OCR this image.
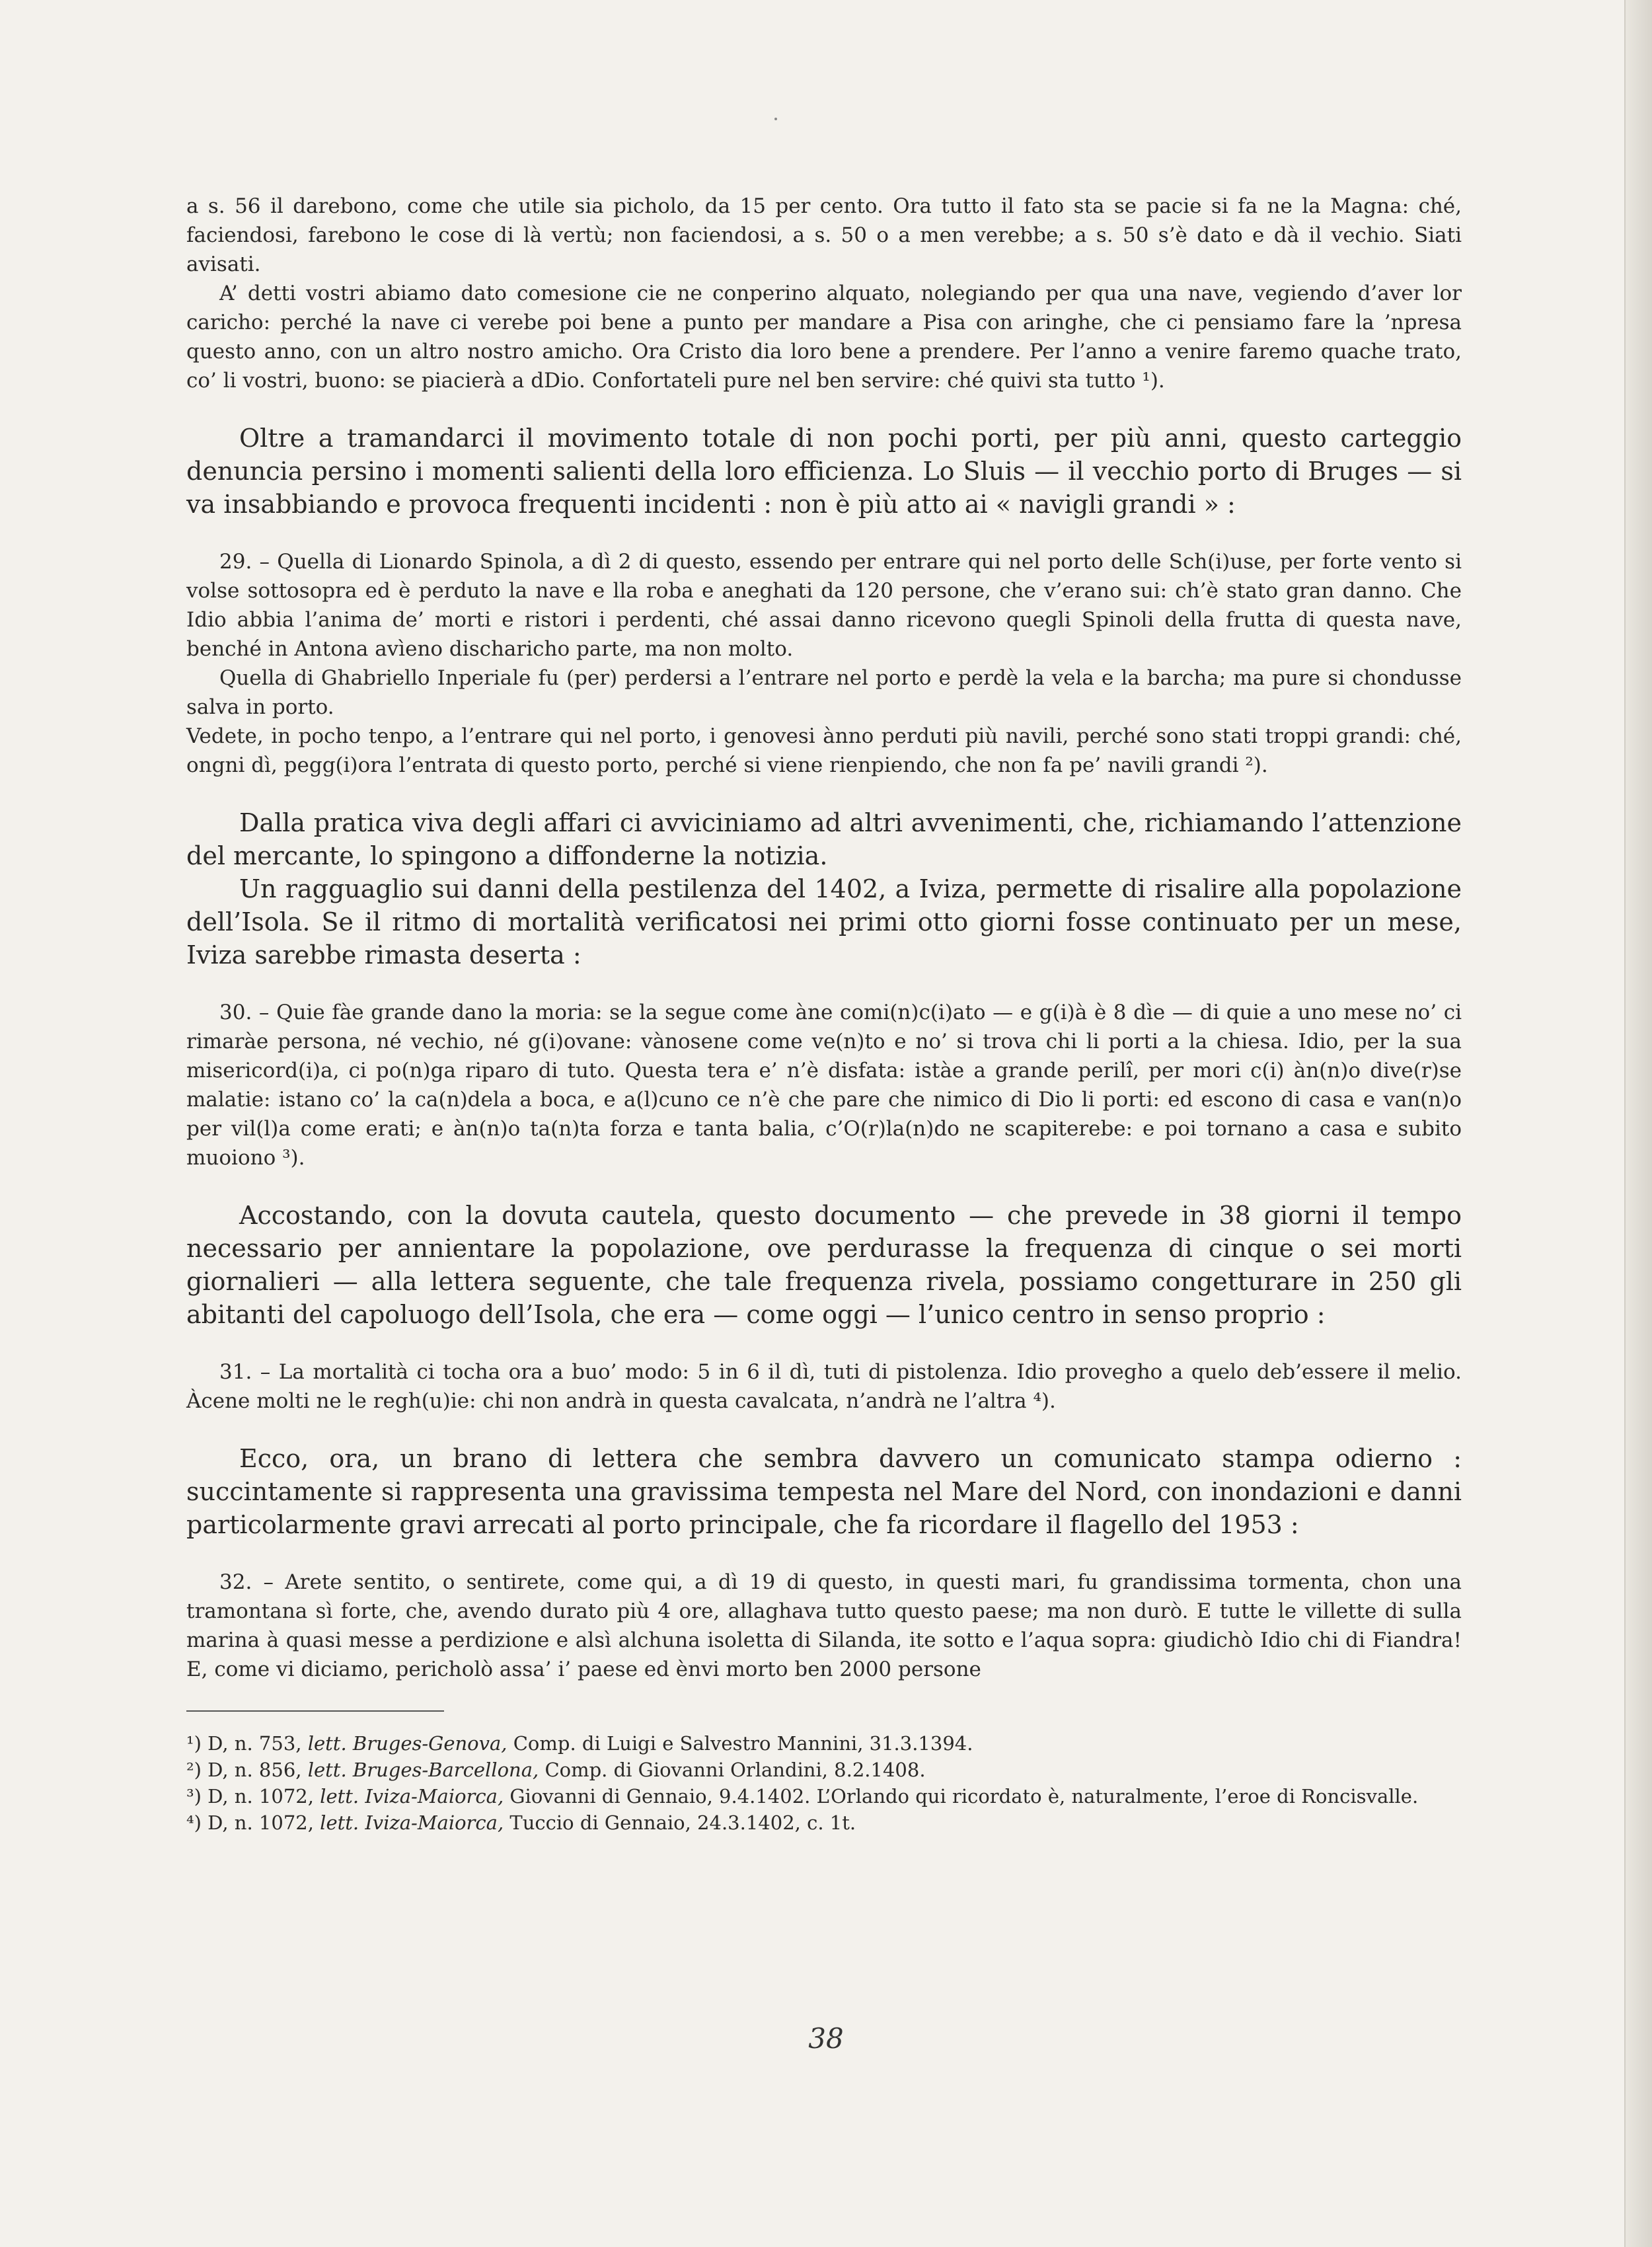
a s. 56 il darebono, come che utile sia picholo, da 15 per cento. Ora tutto il fato sta se pacie si fa ne la Magna: ché, faciendosi, farebono le cose di là vertù; non faciendosi, a s. 50 o a men verebbe; a s. 50 s’è dato e dà il vechio. Siati avisati.

A’ detti vostri abiamo dato comesione cie ne conperino alquato, nolegiando per qua una nave, vegiendo d’aver lor caricho: perché la nave ci verebe poi bene a punto per mandare a Pisa con aringhe, che ci pensiamo fare la ’npresa questo anno, con un altro nostro amicho. Ora Cristo dia loro bene a prendere. Per l’anno a venire faremo quache trato, co’ li vostri, buono: se piacierà a dDio. Confortateli pure nel ben servire: ché quivi sta tutto ¹).

Oltre a tramandarci il movimento totale di non pochi porti, per più anni, questo carteggio denuncia persino i momenti salienti della loro efficienza. Lo Sluis — il vecchio porto di Bruges — si va insabbiando e provoca frequenti incidenti : non è più atto ai « navigli grandi » :

29. – Quella di Lionardo Spinola, a dì 2 di questo, essendo per entrare qui nel porto delle Sch(i)use, per forte vento si volse sottosopra ed è perduto la nave e lla roba e aneghati da 120 persone, che v’erano sui: ch’è stato gran danno. Che Idio abbia l’anima de’ morti e ristori i perdenti, ché assai danno ricevono quegli Spinoli della frutta di questa nave, benché in Antona avìeno discharicho parte, ma non molto.

Quella di Ghabriello Inperiale fu (per) perdersi a l’entrare nel porto e perdè la vela e la barcha; ma pure si chondusse salva in porto.

Vedete, in pocho tenpo, a l’entrare qui nel porto, i genovesi ànno perduti più navili, perché sono stati troppi grandi: ché, ongni dì, pegg(i)ora l’entrata di questo porto, perché si viene rienpiendo, che non fa pe’ navili grandi ²).

Dalla pratica viva degli affari ci avviciniamo ad altri avvenimenti, che, richiamando l’attenzione del mercante, lo spingono a diffonderne la notizia.

Un ragguaglio sui danni della pestilenza del 1402, a Iviza, permette di risalire alla popolazione dell’Isola. Se il ritmo di mortalità verificatosi nei primi otto giorni fosse continuato per un mese, Iviza sarebbe rimasta deserta :

30. – Quie fàe grande dano la moria: se la segue come àne comi(n)c(i)ato — e g(i)à è 8 dìe — di quie a uno mese no’ ci rimaràe persona, né vechio, né g(i)ovane: vànosene come ve(n)to e no’ si trova chi li porti a la chiesa. Idio, per la sua misericord(i)a, ci po(n)ga riparo di tuto. Questa tera e’ n’è disfata: istàe a grande perilî, per mori c(i) àn(n)o dive(r)se malatie: istano co’ la ca(n)dela a boca, e a(l)cuno ce n’è che pare che nimico di Dio li porti: ed escono di casa e van(n)o per vil(l)a come erati; e àn(n)o ta(n)ta forza e tanta balia, c’O(r)la(n)do ne scapiterebe: e poi tornano a casa e subito muoiono ³).

Accostando, con la dovuta cautela, questo documento — che prevede in 38 giorni il tempo necessario per annientare la popolazione, ove perdurasse la frequenza di cinque o sei morti giornalieri — alla lettera seguente, che tale frequenza rivela, possiamo congetturare in 250 gli abitanti del capoluogo dell’Isola, che era — come oggi — l’unico centro in senso proprio :

31. – La mortalità ci tocha ora a buo’ modo: 5 in 6 il dì, tuti di pistolenza. Idio proveghо a quelo deb’essere il melio. Àcene molti ne le regh(u)ie: chi non andrà in questa cavalcata, n’andrà ne l’altra ⁴).

Ecco, ora, un brano di lettera che sembra davvero un comunicato stampa odierno : succintamente si rappresenta una gravissima tempesta nel Mare del Nord, con inondazioni e danni particolarmente gravi arrecati al porto principale, che fa ricordare il flagello del 1953 :

32. – Arete sentito, o sentirete, come qui, a dì 19 di questo, in questi mari, fu grandissima tormenta, chon una tramontana sì forte, che, avendo durato più 4 ore, allaghava tutto questo paese; ma non durò. E tutte le villette di sulla marina à quasi messe a perdizione e alsì alchuna isoletta di Silanda, ite sotto e l’aqua sopra: giudichò Idio chi di Fiandra! E, come vi diciamo, pericholò assa’ i’ paese ed ènvi morto ben 2000 persone

¹) D, n. 753, lett. Bruges-Genova, Comp. di Luigi e Salvestro Mannini, 31.3.1394.

²) D, n. 856, lett. Bruges-Barcellona, Comp. di Giovanni Orlandini, 8.2.1408.

³) D, n. 1072, lett. Iviza-Maiorca, Giovanni di Gennaio, 9.4.1402. L’Orlando qui ricordato è, naturalmente, l’eroe di Roncisvalle.

⁴) D, n. 1072, lett. Iviza-Maiorca, Tuccio di Gennaio, 24.3.1402, c. 1t.

38
